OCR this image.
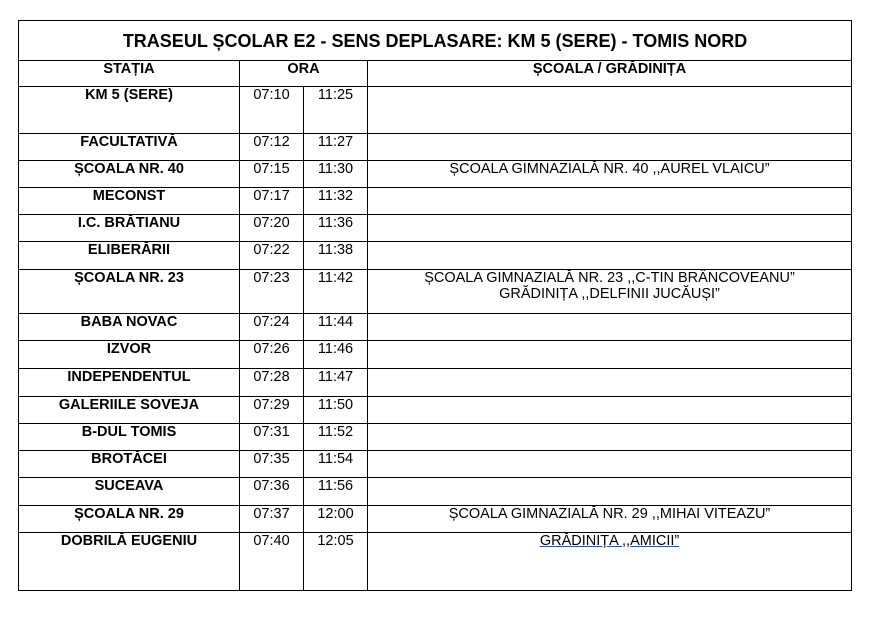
TRASEUL ȘCOLAR E2 - SENS DEPLASARE: KM 5 (SERE) - TOMIS NORD			
STAȚIA	ORA		ȘCOALA / GRĂDINIȚA
KM 5 (SERE)	07:10	11:25	
FACULTATIVĂ	07:12	11:27	
ȘCOALA NR. 40	07:15	11:30	ȘCOALA GIMNAZIALĂ NR. 40 ,,AUREL VLAICU”

MECONST	07:17	11:32	
I.C. BRĂTIANU	07:20	11:36	
ELIBERĂRII	07:22	11:38	
ȘCOALA NR. 23	07:23	11:42	ȘCOALA GIMNAZIALĂ NR. 23 ,,C-TIN BRÂNCOVEANU”
GRĂDINIȚA ,,DELFINII JUCĂUȘI”

BABA NOVAC	07:24	11:44	
IZVOR	07:26	11:46	
INDEPENDENTUL	07:28	11:47	
GALERIILE SOVEJA	07:29	11:50	
B-DUL TOMIS	07:31	11:52	
BROTĂCEI	07:35	11:54	
SUCEAVA	07:36	11:56	
ȘCOALA NR. 29	07:37	12:00	ȘCOALA GIMNAZIALĂ NR. 29 ,,MIHAI VITEAZU”

DOBRILĂ EUGENIU	07:40	12:05	GRĂDINIȚA ,,AMICII”
